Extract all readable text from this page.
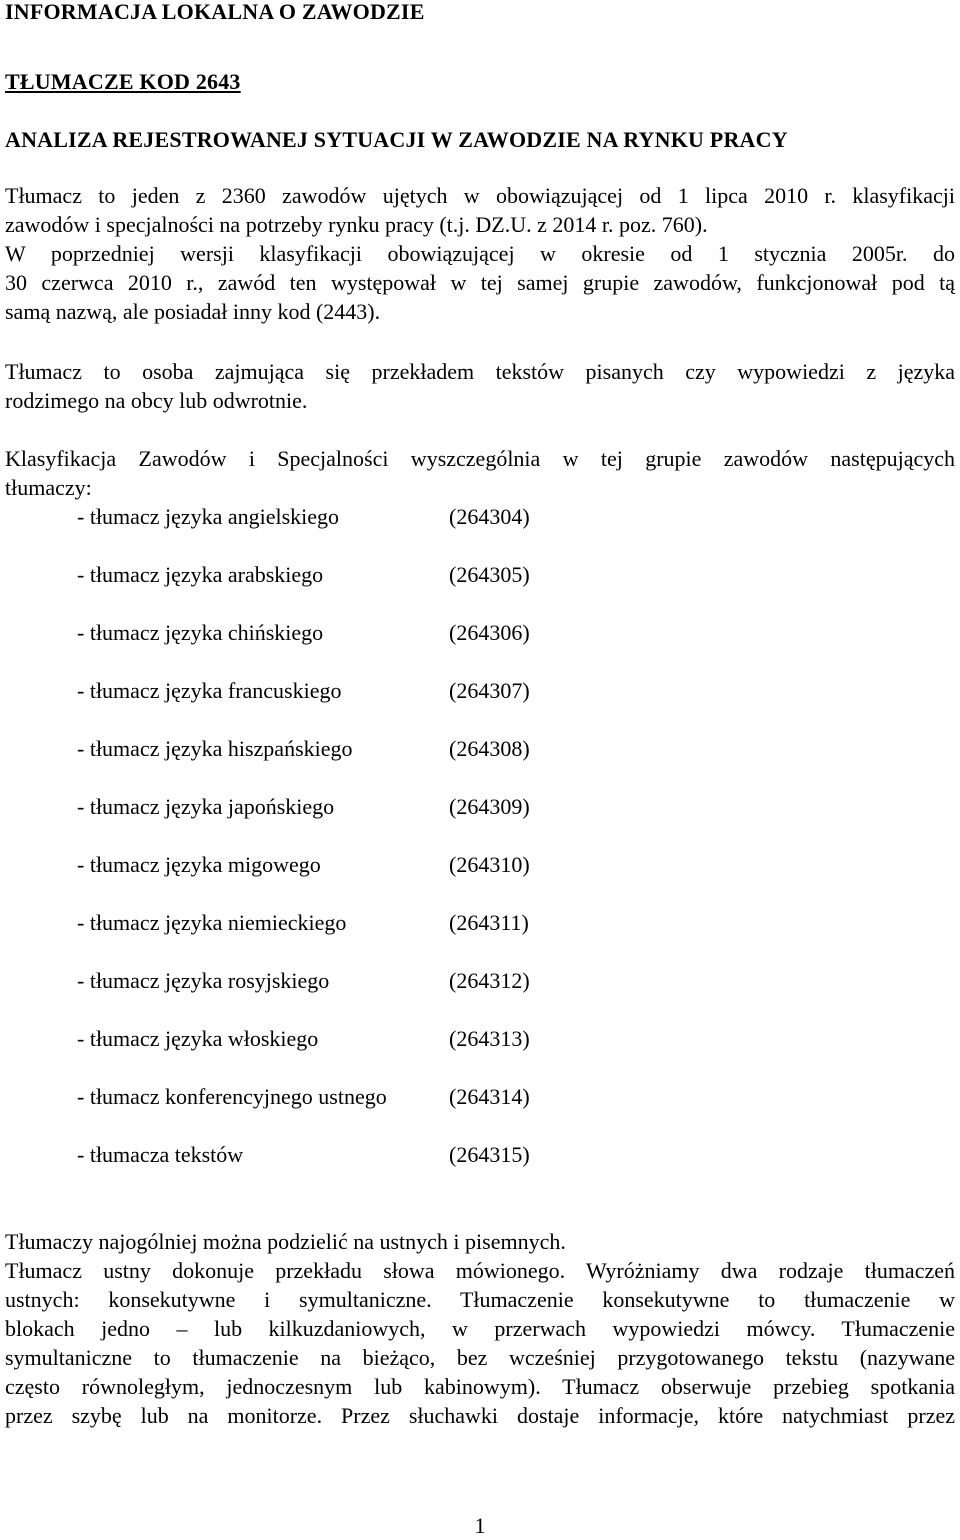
INFORMACJA LOKALNA O ZAWODZIE
TŁUMACZE KOD 2643
ANALIZA REJESTROWANEJ SYTUACJI W ZAWODZIE NA RYNKU PRACY
Tłumacz to jeden z 2360 zawodów ujętych w obowiązującej od 1 lipca 2010 r. klasyfikacji
zawodów i specjalności na potrzeby rynku pracy (t.j. DZ.U. z 2014 r. poz. 760).
W poprzedniej wersji klasyfikacji obowiązującej w okresie od 1 stycznia 2005r. do
30 czerwca 2010 r., zawód ten występował w tej samej grupie zawodów, funkcjonował pod tą
samą nazwą, ale posiadał inny kod (2443).
Tłumacz to osoba zajmująca się przekładem tekstów pisanych czy wypowiedzi z języka
rodzimego na obcy lub odwrotnie.
Klasyfikacja Zawodów i Specjalności wyszczególnia w tej grupie zawodów następujących
tłumaczy:
- tłumacz języka angielskiego	(264304)
- tłumacz języka arabskiego	(264305)
- tłumacz języka chińskiego	(264306)
- tłumacz języka francuskiego	(264307)
- tłumacz języka hiszpańskiego	(264308)
- tłumacz języka japońskiego	(264309)
- tłumacz języka migowego	(264310)
- tłumacz języka niemieckiego	(264311)
- tłumacz języka rosyjskiego	(264312)
- tłumacz języka włoskiego	(264313)
- tłumacz konferencyjnego ustnego	(264314)
- tłumacza tekstów	(264315)
Tłumaczy najogólniej można podzielić na ustnych i pisemnych.
Tłumacz ustny dokonuje przekładu słowa mówionego. Wyróżniamy dwa rodzaje tłumaczeń
ustnych: konsekutywne i symultaniczne. Tłumaczenie konsekutywne to tłumaczenie w
blokach jedno – lub kilkuzdaniowych, w przerwach wypowiedzi mówcy. Tłumaczenie
symultaniczne to tłumaczenie na bieżąco, bez wcześniej przygotowanego tekstu (nazywane
często równoległym, jednoczesnym lub kabinowym). Tłumacz obserwuje przebieg spotkania
przez szybę lub na monitorze. Przez słuchawki dostaje informacje, które natychmiast przez
1
